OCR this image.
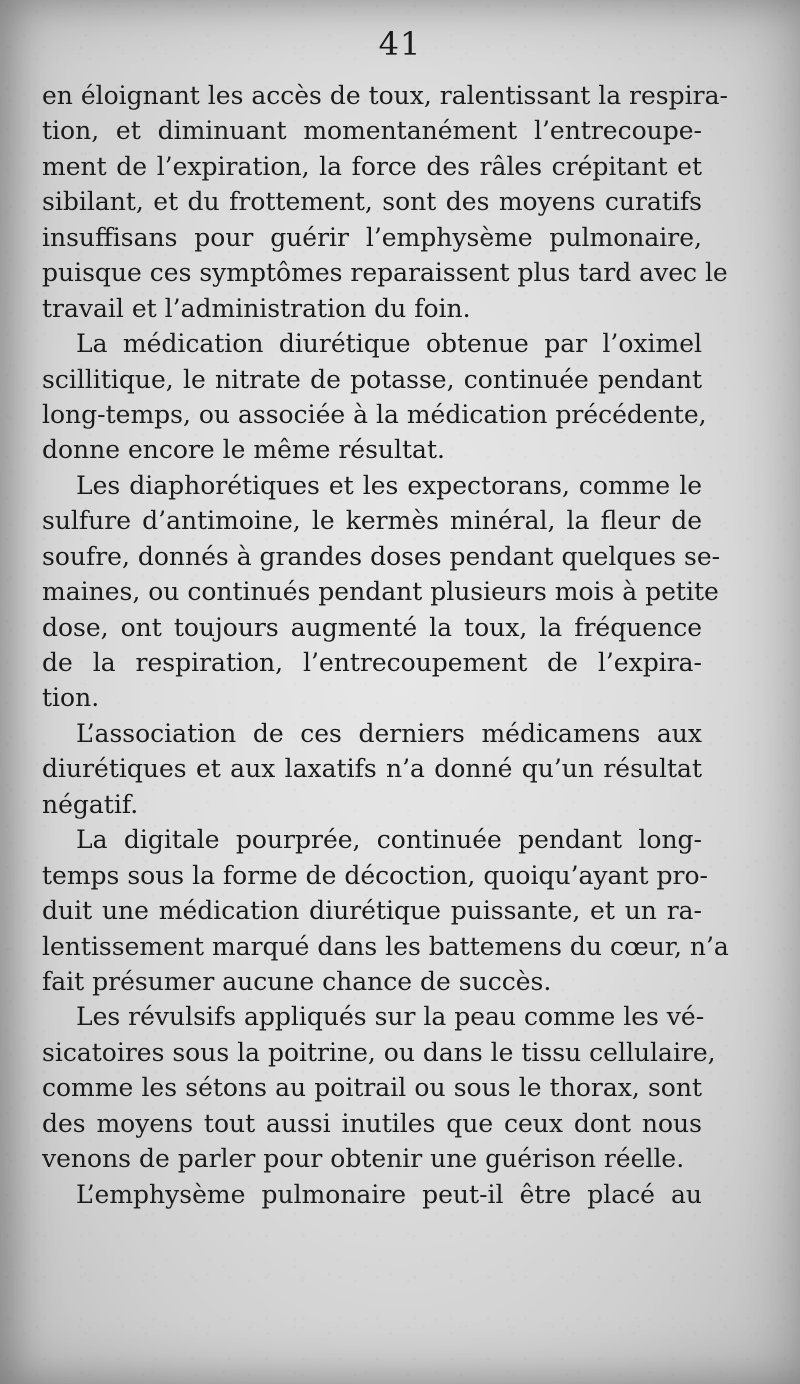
41
en éloignant les accès de toux, ralentissant la respira-
tion, et diminuant momentanément l’entrecoupe-
ment de l’expiration, la force des râles crépitant et
sibilant, et du frottement, sont des moyens curatifs
insuffisans pour guérir l’emphysème pulmonaire,
puisque ces symptômes reparaissent plus tard avec le
travail et l’administration du foin.
La médication diurétique obtenue par l’oximel
scillitique, le nitrate de potasse, continuée pendant
long-temps, ou associée à la médication précédente,
donne encore le même résultat.
Les diaphorétiques et les expectorans, comme le
sulfure d’antimoine, le kermès minéral, la fleur de
soufre, donnés à grandes doses pendant quelques se-
maines, ou continués pendant plusieurs mois à petite
dose, ont toujours augmenté la toux, la fréquence
de la respiration, l’entrecoupement de l’expira-
tion.
L’association de ces derniers médicamens aux
diurétiques et aux laxatifs n’a donné qu’un résultat
négatif.
La digitale pourprée, continuée pendant long-
temps sous la forme de décoction, quoiqu’ayant pro-
duit une médication diurétique puissante, et un ra-
lentissement marqué dans les battemens du cœur, n’a
fait présumer aucune chance de succès.
Les révulsifs appliqués sur la peau comme les vé-
sicatoires sous la poitrine, ou dans le tissu cellulaire,
comme les sétons au poitrail ou sous le thorax, sont
des moyens tout aussi inutiles que ceux dont nous
venons de parler pour obtenir une guérison réelle.
L’emphysème pulmonaire peut-il être placé au
